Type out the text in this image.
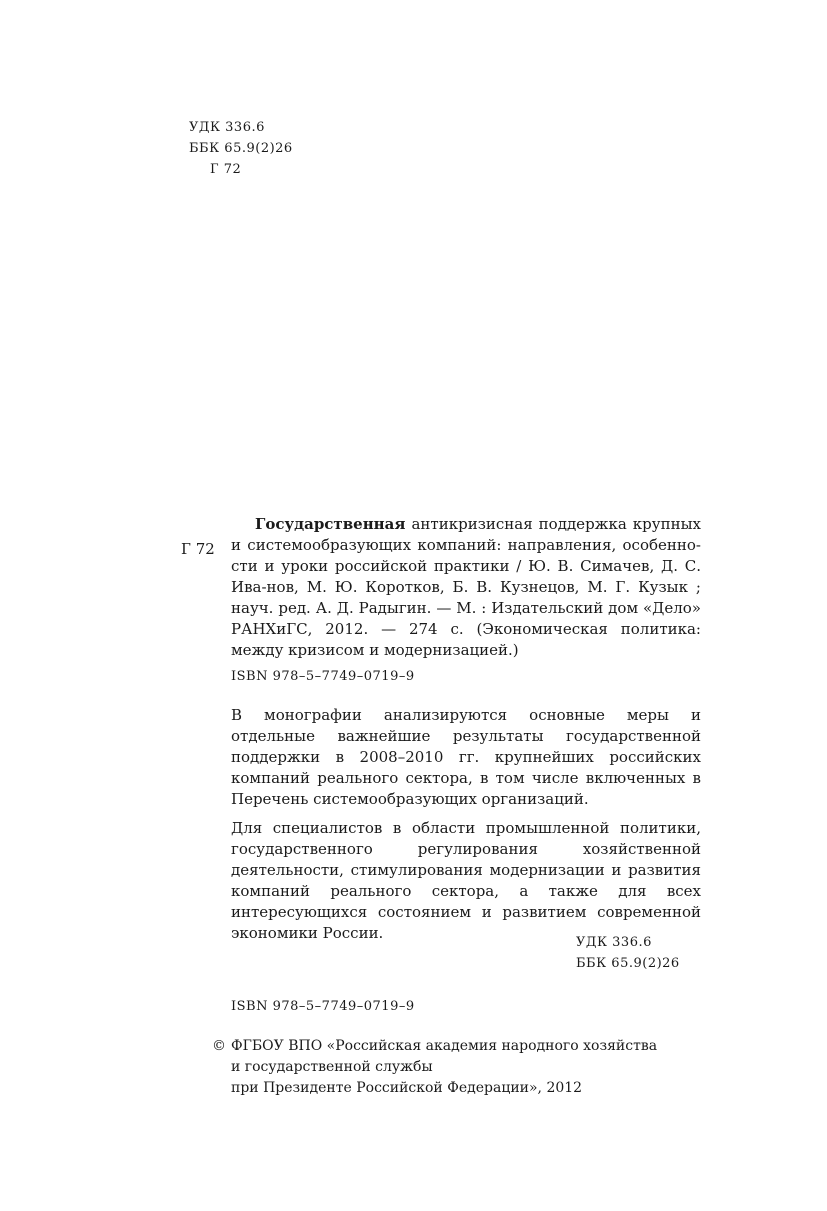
УДК 336.6
ББК 65.9(2)26
Г 72
Г 72

Государственная антикризисная поддержка крупных и системообразующих компаний: направления, особенно-сти и уроки российской практики / Ю. В. Симачев, Д. С. Ива-нов, М. Ю. Коротков, Б. В. Кузнецов, М. Г. Кузык ; науч. ред. А. Д. Радыгин. — М. : Издательский дом «Дело» РАНХиГС, 2012. — 274 с. (Экономическая политика: между кризисом и модернизацией.)

ISBN 978–5–7749–0719–9

В монографии анализируются основные меры и отдельные важнейшие результаты государственной поддержки в 2008–2010 гг. крупнейших российских компаний реального сектора, в том числе включенных в Перечень системообразующих организаций.

Для специалистов в области промышленной политики, государственного регулирования хозяйственной деятельности, стимулирования модернизации и развития компаний реального сектора, а также для всех интересующихся состоянием и развитием современной экономики России.

УДК 336.6
ББК 65.9(2)26
ISBN 978–5–7749–0719–9
© ФГБОУ ВПО «Российская академия народного хозяйства
и государственной службы
при Президенте Российской Федерации», 2012
